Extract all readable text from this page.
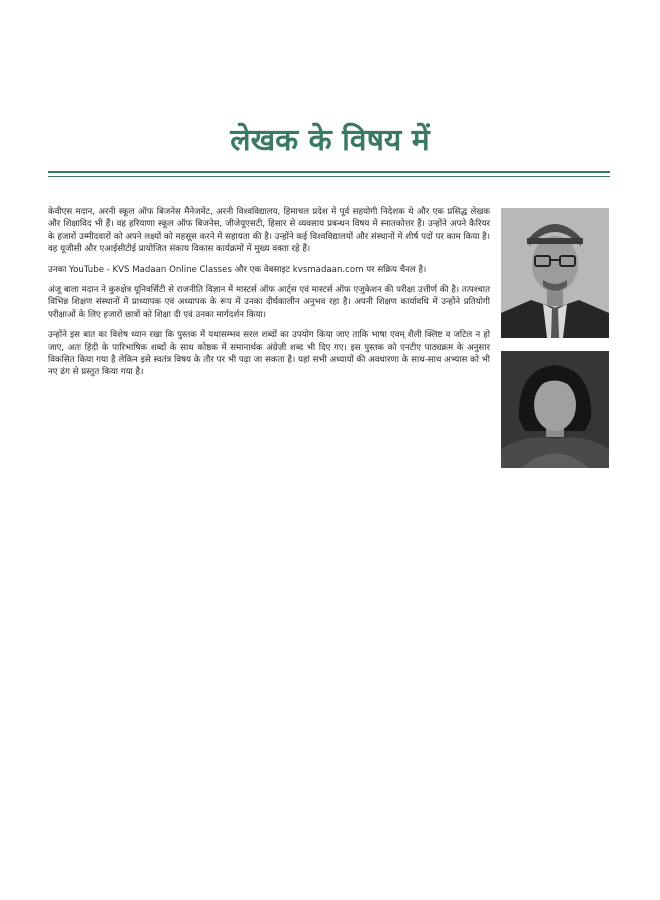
लेखक के विषय में

केवीएस मदान, अरनी स्कूल ऑफ बिजनेस मैनेजमेंट, अरनी विश्वविद्यालय, हिमाचल प्रदेश में पूर्व सहयोगी निदेशक थे और एक प्रसिद्ध लेखक और शिक्षाविद भी हैं। वह हरियाणा स्कूल ऑफ बिजनेस, जीजेयूएसटी, हिसार से व्यवसाय प्रबन्धन विषय में स्नातकोत्तर हैं। उन्होंने अपने कैरियर के हजारों उम्मीदवारों को अपने लक्ष्यों को महसूस करने में सहायता की है। उन्होंने कई विश्वविद्यालयों और संस्थानों में शीर्ष पदों पर काम किया है। वह यूजीसी और एआईसीटीई प्रायोजित संकाय विकास कार्यक्रमों में मुख्य वक्ता रहे हैं।

उनका YouTube - KVS Madaan Online Classes और एक वेबसाइट kvsmadaan.com पर सक्रिय चैनल है।

अंजू बाला मदान ने कुरुक्षेत्र यूनिवर्सिटी से राजनीति विज्ञान में मास्टर्स ऑफ आर्ट्स एवं मास्टर्स ऑफ एजुकेशन की परीक्षा उत्तीर्ण की है। तत्पश्चात विभिन्न शिक्षण संस्थानों में प्राध्यापक एवं अध्यापक के रूप में उनका दीर्घकालीन अनुभव रहा है। अपनी शिक्षण कार्यावधि में उन्होंने प्रतियोगी परीक्षाओं के लिए हजारों छात्रों को शिक्षा दी एवं उनका मार्गदर्शन किया।

उन्होंने इस बात का विशेष ध्यान रखा कि पुस्तक में यथासम्भव सरल शब्दों का उपयोग किया जाए ताकि भाषा एवम् शैली क्लिष्ट व जटिल न हो जाए, अतः हिंदी के पारिभाषिक शब्दों के साथ कोष्ठक में समानार्थक अंग्रेज़ी शब्द भी दिए गए। इस पुस्तक को एनटीए पाठ्यक्रम के अनुसार विकसित किया गया है लेकिन इसे स्वतंत्र विषय के तौर पर भी पढ़ा जा सकता है। यहां सभी अध्यायों की अवधारणा के साथ-साथ अभ्यास को भी नए ढंग से प्रस्तुत किया गया है।
